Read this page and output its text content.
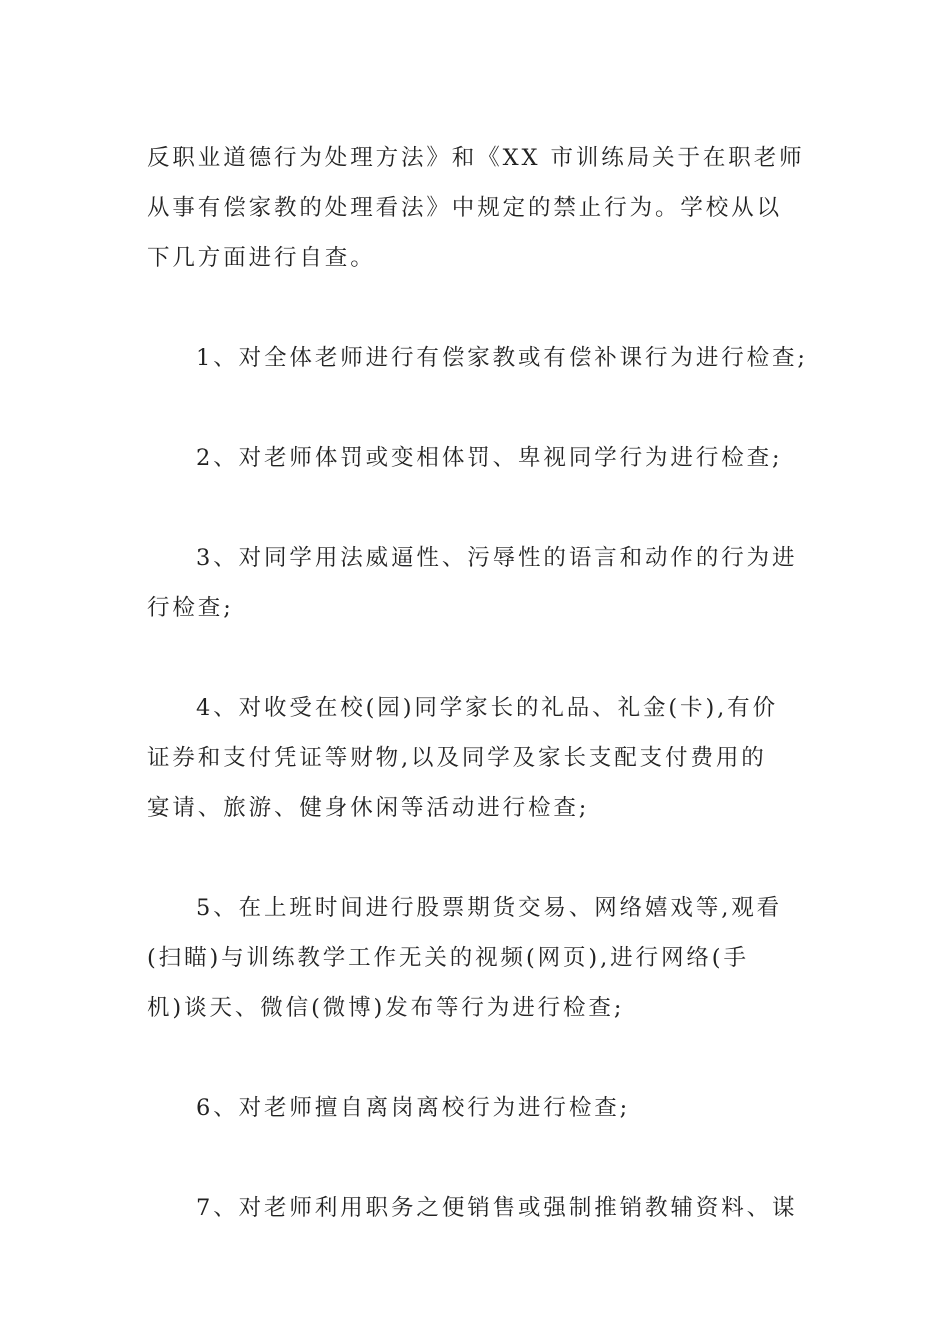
反职业道德行为处理方法》和《XX 市训练局关于在职老师
从事有偿家教的处理看法》中规定的禁止行为。学校从以
下几方面进行自查。

1、对全体老师进行有偿家教或有偿补课行为进行检查;

2、对老师体罚或变相体罚、卑视同学行为进行检查;

3、对同学用法威逼性、污辱性的语言和动作的行为进
行检查;

4、对收受在校(园)同学家长的礼品、礼金(卡),有价
证券和支付凭证等财物,以及同学及家长支配支付费用的
宴请、旅游、健身休闲等活动进行检查;

5、在上班时间进行股票期货交易、网络嬉戏等,观看
(扫瞄)与训练教学工作无关的视频(网页),进行网络(手
机)谈天、微信(微博)发布等行为进行检查;

6、对老师擅自离岗离校行为进行检查;

7、对老师利用职务之便销售或强制推销教辅资料、谋
